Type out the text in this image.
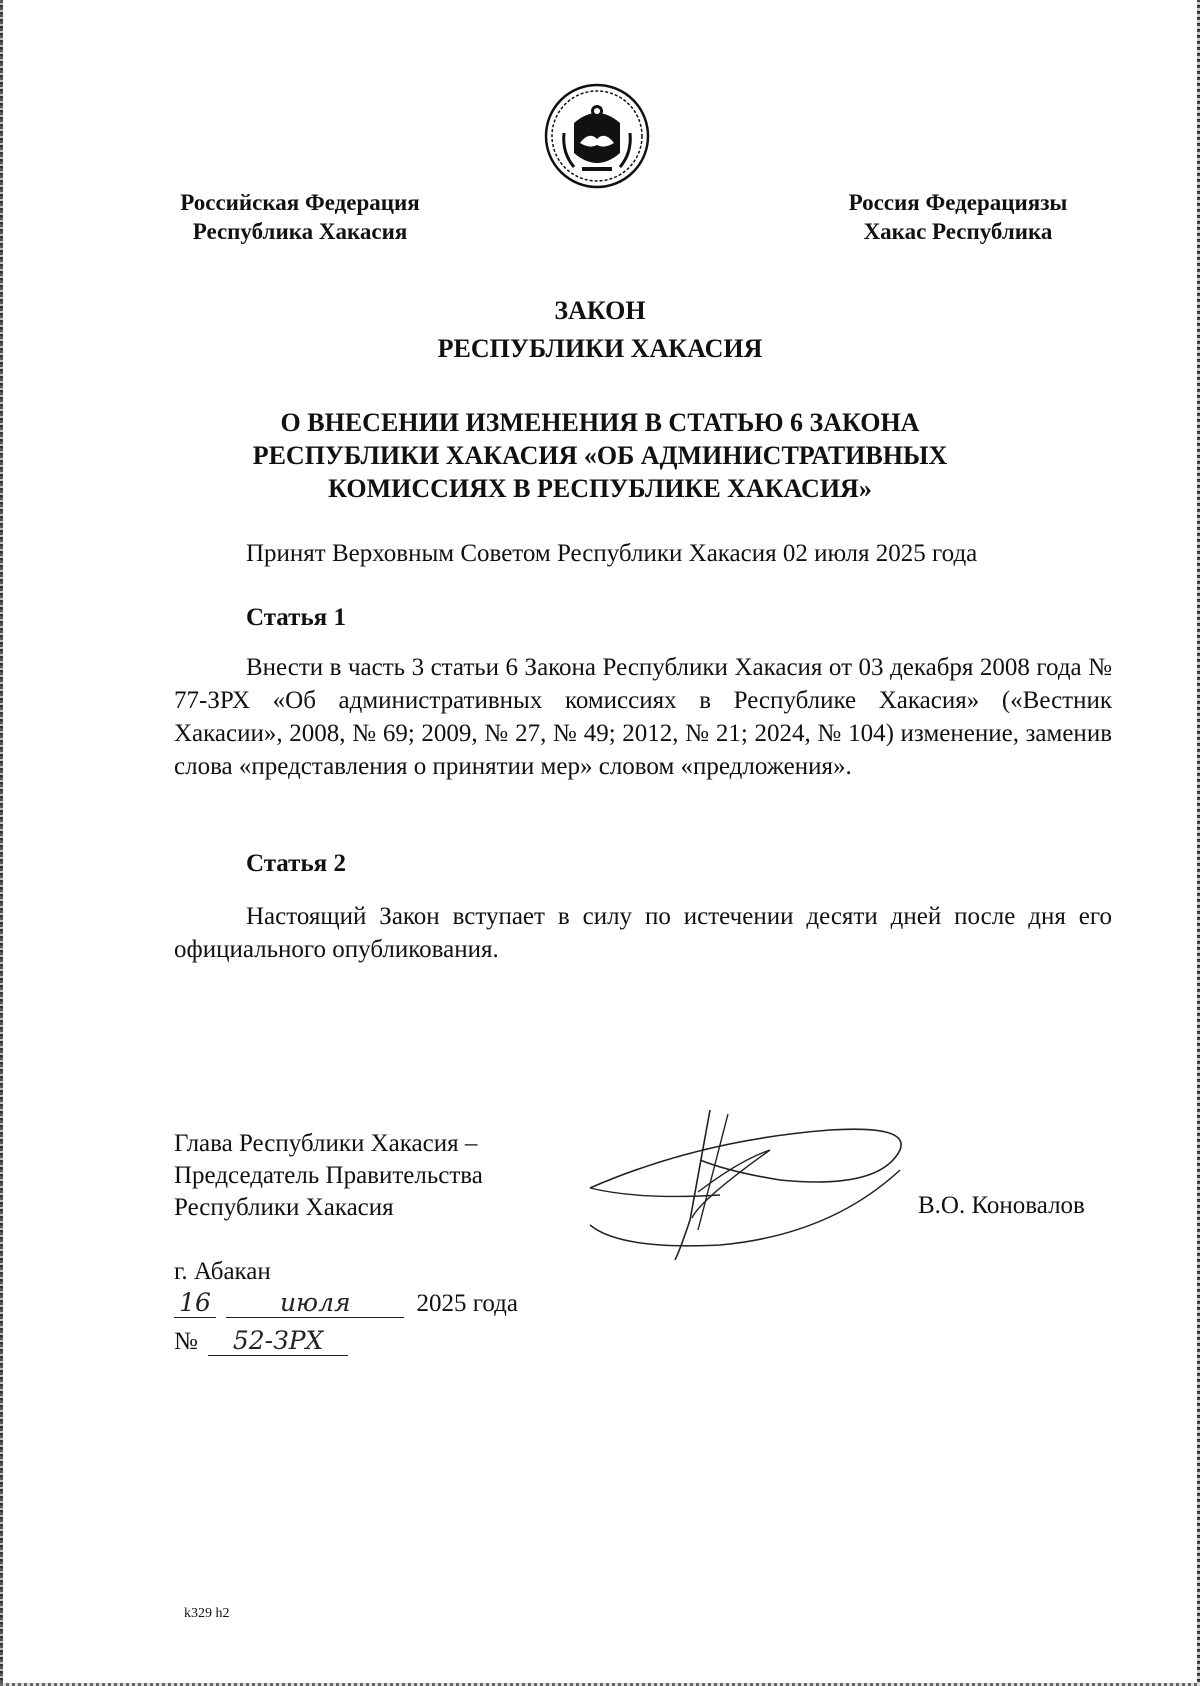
Российская Федерация
Республика Хакасия
Россия Федерациязы
Хакас Республика
ЗАКОН
РЕСПУБЛИКИ ХАКАСИЯ
О ВНЕСЕНИИ ИЗМЕНЕНИЯ В СТАТЬЮ 6 ЗАКОНА
РЕСПУБЛИКИ ХАКАСИЯ «ОБ АДМИНИСТРАТИВНЫХ
КОМИССИЯХ В РЕСПУБЛИКЕ ХАКАСИЯ»
Принят Верховным Советом Республики Хакасия 02 июля 2025 года
Статья 1
Внести в часть 3 статьи 6 Закона Республики Хакасия от 03 декабря 2008 года № 77-ЗРХ «Об административных комиссиях в Республике Хакасия» («Вестник Хакасии», 2008, № 69; 2009, № 27, № 49; 2012, № 21; 2024, № 104) изменение, заменив слова «представления о принятии мер» словом «предложения».
Статья 2
Настоящий Закон вступает в силу по истечении десяти дней после дня его официального опубликования.
Глава Республики Хакасия –
Председатель Правительства
Республики Хакасия	В.О. Коновалов
г. Абакан
16	июля	2025 года
№ 52-ЗРХ
k329 h2
